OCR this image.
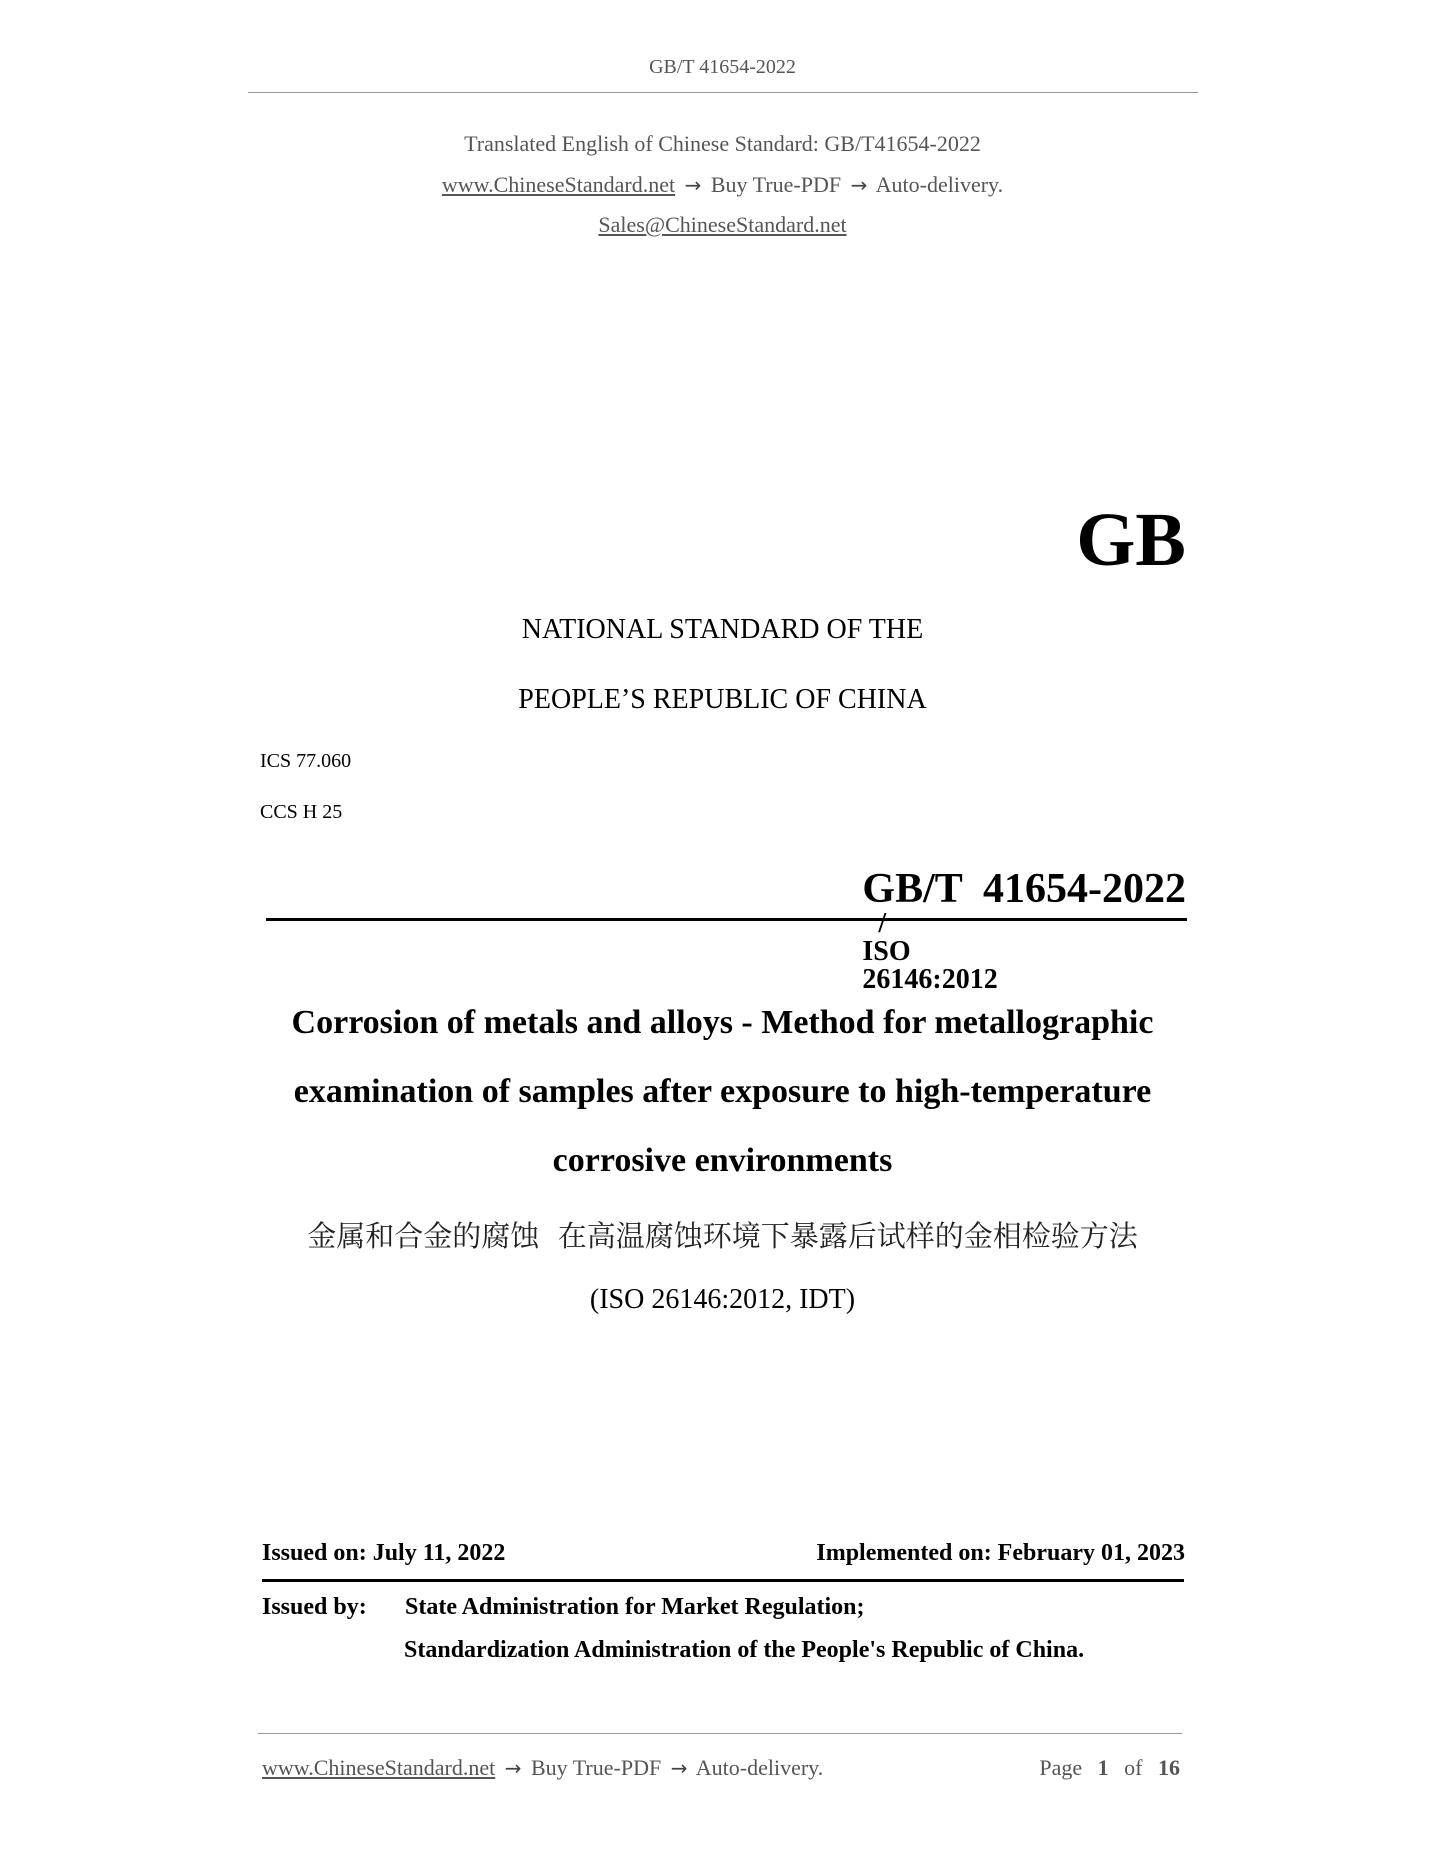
GB/T 41654-2022
Translated English of Chinese Standard: GB/T41654-2022
www.ChineseStandard.net → Buy True-PDF → Auto-delivery.
Sales@ChineseStandard.net
GB
NATIONAL STANDARD OF THE
PEOPLE’S REPUBLIC OF CHINA
ICS 77.060
CCS H 25

GB/T  41654-2022
/
ISO
26146:2012

Corrosion of metals and alloys - Method for metallographic
examination of samples after exposure to high-temperature
corrosive environments
金属和合金的腐蚀  在高温腐蚀环境下暴露后试样的金相检验方法
(ISO 26146:2012, IDT)
Issued on: July 11, 2022	Implemented on: February 01, 2023
Issued by: State Administration for Market Regulation;
Standardization Administration of the People's Republic of China.
www.ChineseStandard.net → Buy True-PDF → Auto-delivery.	Page 1 of 16
